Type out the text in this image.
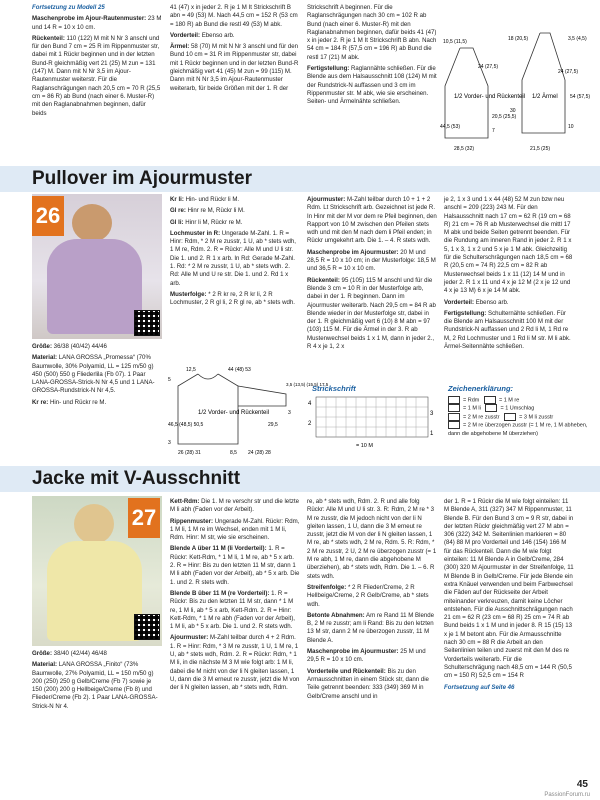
Fortsetzung zu Modell 25

Maschenprobe im Ajour-Rautenmuster: 23 M und 14 R = 10 x 10 cm.

Rückenteil: 110 (122) M mit N Nr 3 anschl und für den Bund 7 cm = 25 R im Rippenmuster str, dabei mit 1 Rückr beginnen und in der letzten Bund-R gleichmäßig vert 21 (25) M zun = 131 (147) M. Dann mit N Nr 3,5 im Ajour-Rautenmuster weiterstr. Für die Raglanschrägungen nach 20,5 cm = 70 R (25,5 cm = 86 R) ab Bund (nach einer 6. Muster-R) mit den Raglanabnahmen beginnen, dafür beids

41 (47) x in jeder 2. R je 1 M It Strickschrift B abn = 49 (53) M. Nach 44,5 cm = 152 R (53 cm = 180 R) ab Bund die restl 49 (53) M abk.

Vorderteil: Ebenso arb.

Ärmel: 58 (70) M mit N Nr 3 anschl und für den Bund 10 cm = 31 R im Rippenmuster str, dabei mit 1 Rückr beginnen und in der letzten Bund-R gleichmäßig vert 41 (45) M zun = 99 (115) M. Dann mit N Nr 3,5 im Ajour-Rautenmuster weiterarb, für beide Größen mit der 1. R der

Strickschrift A beginnen. Für die Raglanschrägungen nach 30 cm = 102 R ab Bund (nach einer 6. Muster-R) mit den Raglanabnahmen beginnen, dafür beids 41 (47) x in jeder 2. R je 1 M It Strickschrift B abn. Nach 54 cm = 184 R (57,5 cm = 196 R) ab Bund die restl 17 (21) M abk.

Fertigstellung: Raglannähte schließen. Für die Blende aus dem Halsausschnitt 108 (124) M mit der Rundstrick-N auffassen und 3 cm im Rippenmuster str. M abk, wie sie erscheinen. Seiten- und Ärmelnähte schließen.

1/2 Vorder- und Rückenteil 1/2 Ärmel
10,5 (11,5)
24 (27,5)
44,5 (53)
20,5 (25,5)
7
28,5 (32)
18 (20,5)	3,5 (4,5)
24 (27,5)
54 (57,5)
30
10
21,5 (25)
Pullover im Ajourmuster
26

Größe: 36/38 (40/42) 44/46

Material: LANA GROSSA „Promessa“ (70% Baumwolle, 30% Polyamid, LL = 125 m/50 g) 450 (500) 550 g Fliederlila (Fb 07). 1 Paar LANA-GROSSA-Strick-N Nr 4,5 und 1 LANA-GROSSA-Rundstrick-N Nr 4,5.

Kr re: Hin- und Rückr re M.

Kr li: Hin- und Rückr li M.

Gl re: Hinr re M, Rückr li M.

Gl li: Hinr li M, Rückr re M.

Lochmuster in R: Ungerade M-Zahl. 1. R = Hinr: Rdm, * 2 M re zusstr, 1 U, ab * stets wdh, 1 M re, Rdm. 2. R = Rückr: Alle M und U li str. Die 1. und 2. R 1 x arb. In Rd: Gerade M-Zahl. 1. Rd: * 2 M re zusstr, 1 U, ab * stets wdh. 2. Rd: Alle M und U re str. Die 1. und 2. Rd 1 x arb.

Musterfolge: * 2 R kr re, 2 R kr li, 2 R Lochmuster, 2 R gl li, 2 R gl re, ab * stets wdh.

1/2 Vorder- und Rückenteil
12,5	44 (48) 53
5
46,5 (48,5) 50,5	29,5
3
26 (28) 31	8,5 24 (28) 28
3,5 (13,5) (15,5) 17,5
3

Ajourmuster: M-Zahl teilbar durch 10 + 1 + 2 Rdm. Lt Strickschrift arb. Gezeichnet ist jede R. In Hinr mit der M vor dem re Pfeil beginnen, den Rapport von 10 M zwischen den Pfeilen stets wdh und mit den M nach dem li Pfeil enden; in Rückr umgekehrt arb. Die 1. – 4. R stets wdh.

Maschenprobe im Ajourmuster: 20 M und 28,5 R = 10 x 10 cm; in der Musterfolge: 18,5 M und 36,5 R = 10 x 10 cm.

Rückenteil: 95 (105) 115 M anschl und für die Blende 3 cm = 10 R in der Musterfolge arb, dabei in der 1. R beginnen. Dann im Ajourmuster weiterarb. Nach 29,5 cm = 84 R ab Blende wieder in der Musterfolge str, dabei in der 1. R gleichmäßig vert 6 (10) 8 M abn = 97 (103) 115 M. Für die Ärmel in der 3. R ab Mustenwechsel beids 1 x 1 M, dann in jeder 2., R 4 x je 1, 2 x

je 2, 1 x 3 und 1 x 44 (48) 52 M zun bzw neu anschl = 209 (223) 243 M. Für den Halsausschnitt nach 17 cm = 62 R (19 cm = 68 R) 21 cm = 76 R ab Musterwechsel die mittl 17 M abk und beide Seiten getrennt beenden. Für die Rundung am inneren Rand in jeder 2. R 1 x 5, 1 x 3, 1 x 2 und 5 x je 1 M abk. Gleichzeitig für die Schulterschrägungen nach 18,5 cm = 68 R (20,5 cm = 74 R) 22,5 cm = 82 R ab Musterwechsel beids 1 x 11 (12) 14 M und in jeder 2. R 1 x 11 und 4 x je 12 M (2 x je 12 und 4 x je 13 M) 6 x je 14 M abk.

Vorderteil: Ebenso arb.

Fertigstellung: Schulternähte schließen. Für die Blende am Halsausschnitt 100 M mit der Rundstrick-N auffassen und 2 Rd li M, 1 Rd re M, 2 Rd Lochmuster und 1 Rd li M str. M li abk. Ärmel-Seitennähte schließen.

Strickschrift
4
3
2
1
= 10 M
Zeichenerklärung:
= Rdm	= 1 M re
= 1 M li	= 1 Umschlag
= 2 M re zusstr	= 3 M li zusstr
= 2 M re überzogen zusstr (= 1 M re, 1 M abheben, dann die abgehobene M überziehen)
Jacke mit V-Ausschnitt
27

Größe: 38/40 (42/44) 46/48

Material: LANA GROSSA „Finito“ (73% Baumwolle, 27% Polyamid, LL = 150 m/50 g) 200 (250) 250 g Gelb/Creme (Fb 7) sowie je 150 (200) 200 g Hellbeige/Creme (Fb 8) und Flieder/Creme (Fb 2). 1 Paar LANA-GROSSA-Strick-N Nr 4.

Kett-Rdm: Die 1. M re verschr str und die letzte M li abh (Faden vor der Arbeit).

Rippenmuster: Ungerade M-Zahl. Rückr: Rdm, 1 M li, 1 M re im Wechsel, enden mit 1 M li, Rdm. Hinr: M str, wie sie erscheinen.

Blende A über 11 M (li Vorderteil): 1. R = Rückr: Kett-Rdm, * 1 M li, 1 M re, ab * 5 x arb. 2. R = Hinr: Bis zu den letzten 11 M str, dann 1 M li abh (Faden vor der Arbeit), ab * 5 x arb. Die 1. und 2. R stets wdh.

Blende B über 11 M (re Vorderteil): 1. R = Rückr: Bis zu den letzten 11 M str, dann * 1 M re, 1 M li, ab * 5 x arb, Kett-Rdm. 2. R = Hinr: Kett-Rdm, * 1 M re abh (Faden vor der Arbeit), 1 M li, ab * 5 x arb. Die 1. und 2. R stets wdh.

Ajourmuster: M-Zahl teilbar durch 4 + 2 Rdm. 1. R = Hinr: Rdm, * 3 M re zusstr, 1 U, 1 M re, 1 U, ab * stets wdh, Rdm. 2. R = Rückr: Rdm, * 1 M li, in die nächste M 3 M wie folgt arb: 1 M li, dabei die M nicht von der li N gleiten lassen, 1 U, dann die 3 M erneut re zusstr, jetzt die M von der li N gleiten lassen, ab * stets wdh, Rdm.

re, ab * stets wdh, Rdm. 2. R und alle folg Rückr: Alle M und U li str. 3. R: Rdm, 2 M re * 3 M re zusstr, die M jedoch nicht von der li N gleiten lassen, 1 U, dann die 3 M erneut re zusstr, jetzt die M von der li N gleiten lassen, 1 M re, ab * stets wdh, 2 M re, Rdm. 5. R: Rdm, * 2 M re zusstr, 2 U, 2 M re überzogen zusstr (= 1 M re abh, 1 M re, dann die abgehobene M überziehen), ab * stets wdh, Rdm. Die 1. – 6. R stets wdh.

Streifenfolge: * 2 R Flieder/Creme, 2 R Hellbeige/Creme, 2 R Gelb/Creme, ab * stets wdh.

Betonte Abnahmen: Am re Rand 11 M Blende B, 2 M re zusstr; am li Rand: Bis zu den letzten 13 M str, dann 2 M re überzogen zusstr, 11 M Blende A.

Maschenprobe im Ajourmuster: 25 M und 29,5 R = 10 x 10 cm.

Vorderteile und Rückenteil: Bis zu den Armausschnitten in einem Stück str, dann die Teile getrennt beenden: 333 (349) 369 M in Gelb/Creme anschl und in

der 1. R = 1 Rückr die M wie folgt einteilen: 11 M Blende A, 311 (327) 347 M Rippenmuster, 11 Blende B. Für den Bund 3 cm = 9 R str, dabei in der letzten Rückr gleichmäßig vert 27 M abn = 306 (322) 342 M. Seitenlinien markieren = 80 (84) 88 M pro Vorderteil und 146 (154) 166 M für das Rückenteil. Dann die M wie folgt einteilen: 11 M Blende A in Gelb/Creme, 284 (300) 320 M Ajourmuster in der Streifenfolge, 11 M Blende B in Gelb/Creme. Für jede Blende ein extra Knäuel verwenden und beim Farbwechsel die Fäden auf der Rückseite der Arbeit miteinander verkreuzen, damit keine Löcher entstehen. Für die Ausschnittschrägungen nach 21 cm = 62 R (23 cm = 68 R) 25 cm = 74 R ab Bund beids 1 x 1 M und in jeder 8. R 15 (15) 13 x je 1 M betont abn. Für die Armausschnitte nach 30 cm = 88 R die Arbeit an den Seitenlinien teilen und zuerst mit den M des re Vorderteils weiterarb. Für die Schulterschrägung nach 48,5 cm = 144 R (50,5 cm = 150 R) 52,5 cm = 154 R

Fortsetzung auf Seite 46

45
PassionForum.ru
